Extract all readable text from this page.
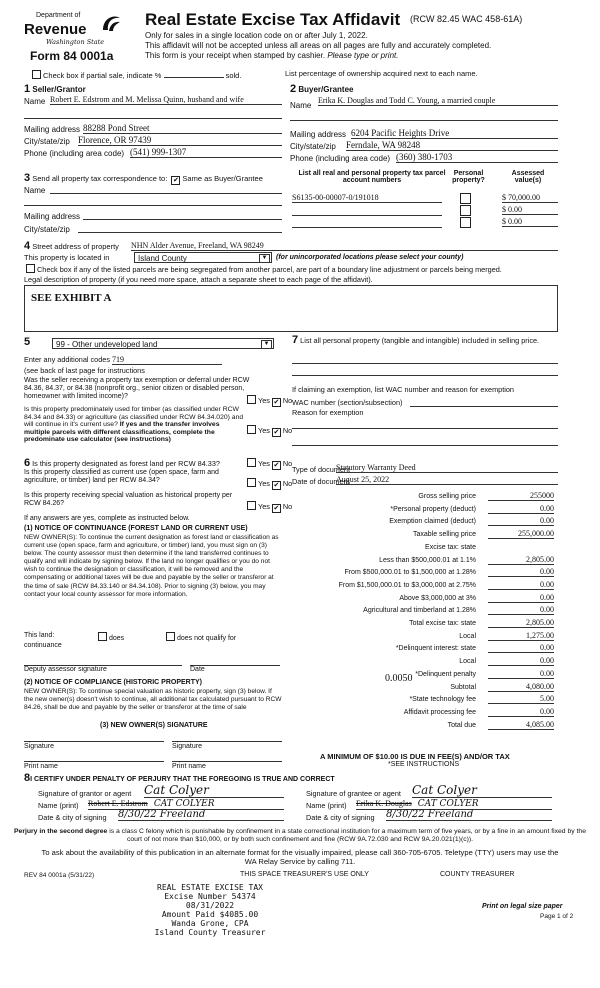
Department of
Revenue
Washington State
Form 84 0001a
Real Estate Excise Tax Affidavit (RCW 82.45 WAC 458-61A)
Only for sales in a single location code on or after July 1, 2022.
This affidavit will not be accepted unless all areas on all pages are fully and accurately completed.
This form is your receipt when stamped by cashier. Please type or print.
Check box if partial sale, indicate %	sold.	List percentage of ownership acquired next to each name.
1 Seller/Grantor
Name Robert E. Edstrom and M. Melissa Quinn, husband and wife
Mailing address 88288 Pond Street
City/state/zip Florence, OR 97439
Phone (including area code) (541) 999-1307
2 Buyer/Grantee
Name
Erika K. Douglas and Todd C. Young, a married couple
Mailing address 6204 Pacific Heights Drive
City/state/zip Ferndale, WA 98248
Phone (including area code) (360) 380-1703
3 Send all property tax correspondence to: ✔ Same as Buyer/Grantee
Name
Mailing address
City/state/zip
List all real and personal property tax parcel account numbers
Personal property?
Assessed value(s)
S6135-00-00007-0/191018	$ 70,000.00
$ 0.00
$ 0.00
4 Street address of property NHN Alder Avenue, Freeland, WA 98249
This property is located in	Island County	▼	(for unincorporated locations please select your county)
Check box if any of the listed parcels are being segregated from another parcel, are part of a boundary line adjustment or parcels being merged.
Legal description of property (if you need more space, attach a separate sheet to each page of the affidavit).
SEE EXHIBIT A
5	99 - Other undeveloped land	▼
Enter any additional codes 719
(see back of last page for instructions
Was the seller receiving a property tax exemption or deferral under RCW 84.36, 84.37, or 84.38 (nonprofit org., senior citizen or disabled person, homeowner with limited income)?	Yes ✔ No
Is this property predominately used for timber (as classified under RCW 84.34 and 84.33) or agriculture (as classified under RCW 84.34.020) and will continue in it's current use? If yes and the transfer involves multiple parcels with different classifications, complete the predominate use calculator (see instructions)
Yes ✔ No
7 List all personal property (tangible and intangible) included in selling price.
If claiming an exemption, list WAC number and reason for exemption
WAC number (section/subsection)
Reason for exemption
6 Is this property designated as forest land per RCW 84.33?	Yes ✔ No
Is this property classified as current use (open space, farm and agriculture, or timber) land per RCW 84.34?	Yes ✔ No
Is this property receiving special valuation as historical property per RCW 84.26?	Yes ✔ No
If any answers are yes, complete as instructed below.
(1) NOTICE OF CONTINUANCE (FOREST LAND OR CURRENT USE)
NEW OWNER(S): To continue the current designation as forest land or classification as current use (open space, farm and agriculture, or timber) land, you must sign on (3) below. The county assessor must then determine if the land transferred continues to qualify and will indicate by signing below. If the land no longer qualifies or you do not wish to continue the designation or classification, it will be removed and the compensating or additional taxes will be due and payable by the seller or transferor at the time of sale (RCW 84.33.140 or 84.34.108). Prior to signing (3) below, you may contact your local county assessor for more information.
This land:	does	does not qualify for
continuance
Deputy assessor signature	Date
(2) NOTICE OF COMPLIANCE (HISTORIC PROPERTY)
NEW OWNER(S): To continue special valuation as historic property, sign (3) below. If the new owner(s) doesn't wish to continue, all additional tax calculated pursuant to RCW 84.26, shall be due and payable by the seller or transferor at the time of sale
(3) NEW OWNER(S) SIGNATURE
Signature	Signature
Print name	Print name
Type of document
Statutory Warranty Deed
Date of document
August 25, 2022
Gross selling price	255000
*Personal property (deduct)	0.00
Exemption claimed (deduct)	0.00
Taxable selling price	255,000.00
Excise tax: state
Less than $500,000.01 at 1.1%	2,805.00
From $500,000.01 to $1,500,000 at 1.28%	0.00
From $1,500,000.01 to $3,000,000 at 2.75%	0.00
Above $3,000,000 at 3%	0.00
Agricultural and timberland at 1.28%	0.00
Total excise tax: state	2,805.00
Local	1,275.00
*Delinquent interest: state	0.00
Local	0.00
*Delinquent penalty	0.00
Subtotal	4,080.00
*State technology fee	5.00
Affidavit processing fee	0.00
Total due	4,085.00
0.0050
A MINIMUM OF $10.00 IS DUE IN FEE(S) AND/OR TAX
*SEE INSTRUCTIONS
8I CERTIFY UNDER PENALTY OF PERJURY THAT THE FOREGOING IS TRUE AND CORRECT
Signature of grantor or agent Cat Colyer
Name (print) Robert E. Edstrom CAT COLYER
Date & city of signing 8/30/22 Freeland
Signature of grantee or agent Cat Colyer
Name (print) Erika K. Douglas CAT COLYER
Date & city of signing 8/30/22 Freeland
Perjury in the second degree is a class C felony which is punishable by confinement in a state correctional institution for a maximum term of five years, or by a fine in an amount fixed by the court of not more than $10,000, or by both such confinement and fine (RCW 9A.72.030 and RCW 9A.20.021(1)(c)).
To ask about the availability of this publication in an alternate format for the visually impaired, please call 360-705-6705. Teletype (TTY) users may use the WA Relay Service by calling 711.
REV 84 0001a (5/31/22)	THIS SPACE TREASURER'S USE ONLY	COUNTY TREASURER
REAL ESTATE EXCISE TAX
Excise Number 54374
08/31/2022
Amount Paid $4085.00
Wanda Grone, CPA
Island County Treasurer
Print on legal size paper
Page 1 of 2
